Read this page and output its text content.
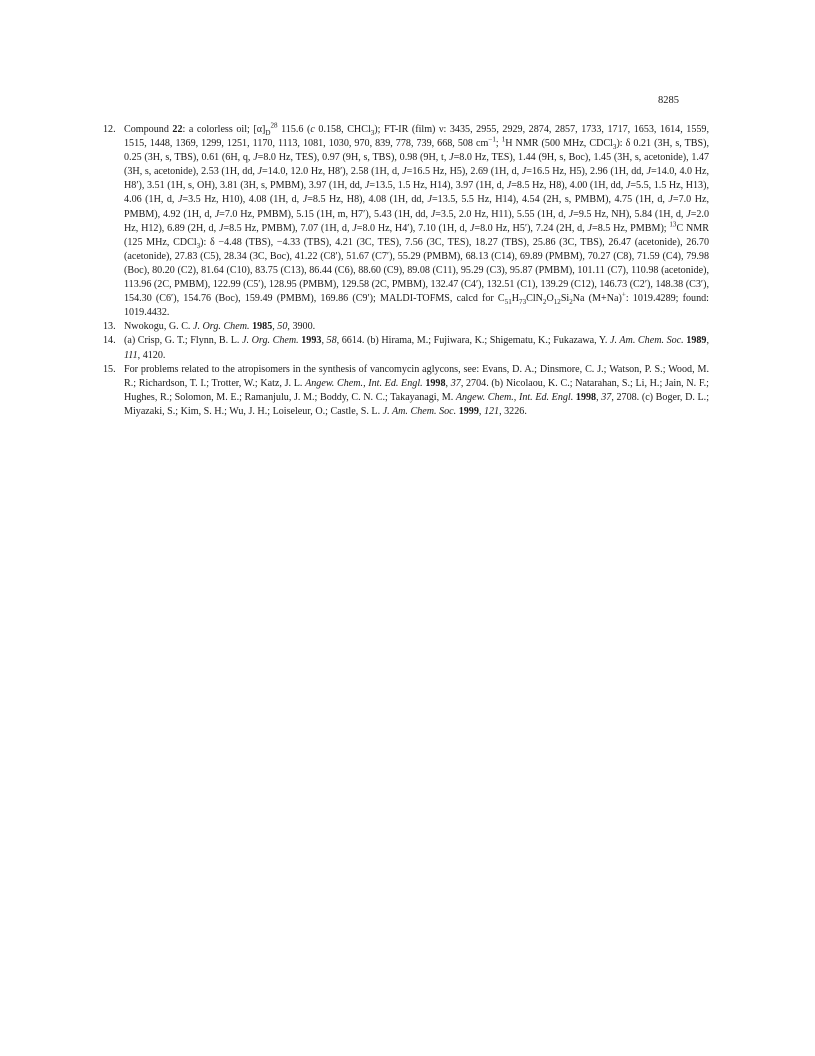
8285
12. Compound 22: a colorless oil; $[\alpha]_D^{28}$ 115.6 (c 0.158, CHCl$_3$); FT-IR (film) ν: 3435, 2955, 2929, 2874, 2857, 1733, 1717, 1653, 1614, 1559, 1515, 1448, 1369, 1299, 1251, 1170, 1113, 1081, 1030, 970, 839, 778, 739, 668, 508 $cm^{-1}$; $^1$H NMR (500 MHz, CDCl$_3$): δ 0.21 (3H, s, TBS), 0.25 (3H, s, TBS), 0.61 (6H, q, J=8.0 Hz, TES), 0.97 (9H, s, TBS), 0.98 (9H, t, J=8.0 Hz, TES), 1.44 (9H, s, Boc), 1.45 (3H, s, acetonide), 1.47 (3H, s, acetonide), 2.53 (1H, dd, J=14.0, 12.0 Hz, H8′), 2.58 (1H, d, J=16.5 Hz, H5), 2.69 (1H, d, J=16.5 Hz, H5), 2.96 (1H, dd, J=14.0, 4.0 Hz, H8′), 3.51 (1H, s, OH), 3.81 (3H, s, PMBM), 3.97 (1H, dd, J=13.5, 1.5 Hz, H14), 3.97 (1H, d, J=8.5 Hz, H8), 4.00 (1H, dd, J=5.5, 1.5 Hz, H13), 4.06 (1H, d, J=3.5 Hz, H10), 4.08 (1H, d, J=8.5 Hz, H8), 4.08 (1H, dd, J=13.5, 5.5 Hz, H14), 4.54 (2H, s, PMBM), 4.75 (1H, d, J=7.0 Hz, PMBM), 4.92 (1H, d, J=7.0 Hz, PMBM), 5.15 (1H, m, H7′), 5.43 (1H, dd, J=3.5, 2.0 Hz, H11), 5.55 (1H, d, J=9.5 Hz, NH), 5.84 (1H, d, J=2.0 Hz, H12), 6.89 (2H, d, J=8.5 Hz, PMBM), 7.07 (1H, d, J=8.0 Hz, H4′), 7.10 (1H, d, J=8.0 Hz, H5′), 7.24 (2H, d, J=8.5 Hz, PMBM); $^{13}$C NMR (125 MHz, CDCl$_3$): δ −4.48 (TBS), −4.33 (TBS), 4.21 (3C, TES), 7.56 (3C, TES), 18.27 (TBS), 25.86 (3C, TBS), 26.47 (acetonide), 26.70 (acetonide), 27.83 (C5), 28.34 (3C, Boc), 41.22 (C8′), 51.67 (C7′), 55.29 (PMBM), 68.13 (C14), 69.89 (PMBM), 70.27 (C8), 71.59 (C4), 79.98 (Boc), 80.20 (C2), 81.64 (C10), 83.75 (C13), 86.44 (C6), 88.60 (C9), 89.08 (C11), 95.29 (C3), 95.87 (PMBM), 101.11 (C7), 110.98 (acetonide), 113.96 (2C, PMBM), 122.99 (C5′), 128.95 (PMBM), 129.58 (2C, PMBM), 132.47 (C4′), 132.51 (C1), 139.29 (C12), 146.73 (C2′), 148.38 (C3′), 154.30 (C6′), 154.76 (Boc), 159.49 (PMBM), 169.86 (C9′); MALDI-TOFMS, calcd for $C_{51}H_{73}ClN_2O_{12}Si_2Na$ (M+Na)+: 1019.4289; found: 1019.4432.
13. Nwokogu, G. C. J. Org. Chem. 1985, 50, 3900.
14. (a) Crisp, G. T.; Flynn, B. L. J. Org. Chem. 1993, 58, 6614. (b) Hirama, M.; Fujiwara, K.; Shigematu, K.; Fukazawa, Y. J. Am. Chem. Soc. 1989, 111, 4120.
15. For problems related to the atropisomers in the synthesis of vancomycin aglycons, see: Evans, D. A.; Dinsmore, C. J.; Watson, P. S.; Wood, M. R.; Richardson, T. I.; Trotter, W.; Katz, J. L. Angew. Chem., Int. Ed. Engl. 1998, 37, 2704. (b) Nicolaou, K. C.; Natarahan, S.; Li, H.; Jain, N. F.; Hughes, R.; Solomon, M. E.; Ramanjulu, J. M.; Boddy, C. N. C.; Takayanagi, M. Angew. Chem., Int. Ed. Engl. 1998, 37, 2708. (c) Boger, D. L.; Miyazaki, S.; Kim, S. H.; Wu, J. H.; Loiseleur, O.; Castle, S. L. J. Am. Chem. Soc. 1999, 121, 3226.
